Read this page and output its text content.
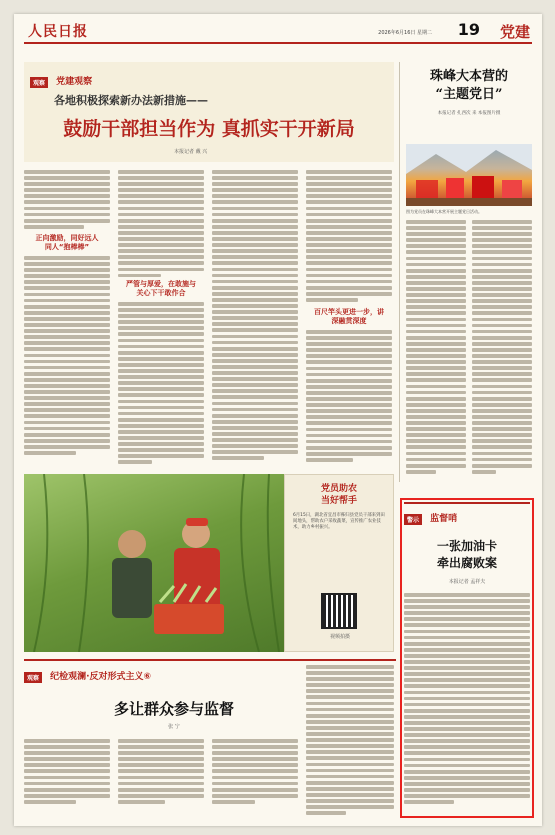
人民日报	2026年6月16日 星期二 19 党建
观察 党建观察
各地积极探索新办法新措施——
鼓励干部担当作为 真抓实干开新局
本报记者 戴 兴
正向激励，同好远人
同人“抱棒棒”
严管与厚爱，在敢施与
关心下干敢作合
百尺竿头更进一步，讲
深融贯深度
珠峰大本营的
“主题党日”
本报记者 扎西次 来 本报图片摄
图为党员在珠峰大本营开展主题党日活动。
党员助农
当好帮手
6月15日，湖北省宜昌市秭归县党员干部来到田间地头，帮助农户采收蔬菜，宣传推广农业技术，助力乡村振兴。
视频拍摄
观察 纪检观澜·反对形式主义⑥
多让群众参与监督
张 宁
警示 监督哨
一张加油卡
牵出腐败案
本报记者 孟祥夫
